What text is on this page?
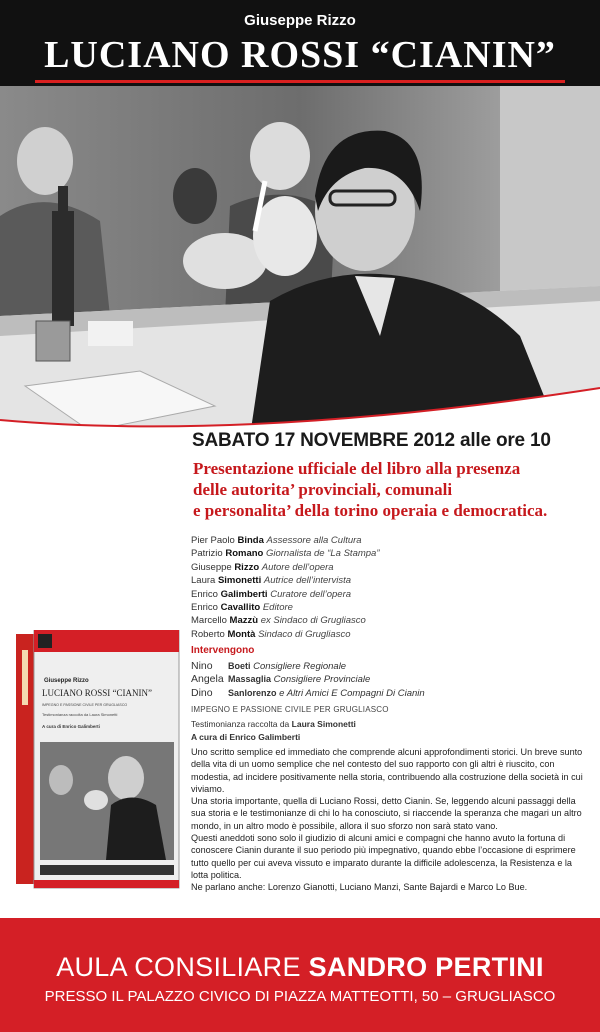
Giuseppe Rizzo
LUCIANO ROSSI “CIANIN”
SABATO 17 NOVEMBRE 2012 alle ore 10
Presentazione ufficiale del libro alla presenza
delle autorita’ provinciali, comunali
e personalita’ della torino operaia e democratica.
Pier Paolo Binda Assessore alla Cultura
Patrizio Romano Giornalista de “La Stampa”
Giuseppe Rizzo Autore dell’opera
Laura Simonetti Autrice dell’intervista
Enrico Galimberti Curatore dell’opera
Enrico Cavallito Editore
Marcello Mazzù ex Sindaco di Grugliasco
Roberto Montà Sindaco di Grugliasco
Intervengono
Nino Boeti Consigliere Regionale
Angela Massaglia Consigliere Provinciale
Dino Sanlorenzo e Altri Amici E Compagni Di Cianin
IMPEGNO E PASSIONE CIVILE PER GRUGLIASCO
Testimonianza raccolta da Laura Simonetti
A cura di Enrico Galimberti

Uno scritto semplice ed immediato che comprende alcuni approfondimenti storici. Un breve sunto della vita di un uomo semplice che nel contesto del suo rapporto con gli altri è riuscito, con modestia, ad incidere positivamente nella storia, contribuendo alla costruzione della società in cui viviamo.

Una storia importante, quella di Luciano Rossi, detto Cianin. Se, leggendo alcuni passaggi della sua storia e le testimonianze di chi lo ha conosciuto, si riaccende la speranza che magari un altro mondo, in un altro modo è possibile, allora il suo sforzo non sarà stato vano.

Questi aneddoti sono solo il giudizio di alcuni amici e compagni che hanno avuto la fortuna di conoscere Cianin durante il suo periodo più impegnativo, quando ebbe l’occasione di esprimere tutto quello per cui aveva vissuto e imparato durante la difficile adolescenza, la Resistenza e la lotta politica.

Ne parlano anche: Lorenzo Gianotti, Luciano Manzi, Sante Bajardi e Marco Lo Bue.

Giuseppe Rizzo
LUCIANO ROSSI “CIANIN”
IMPEGNO E PASSIONE CIVILE PER GRUGLIASCO
Testimonianza raccolta da Laura Simonetti
A cura di Enrico Galimberti
AULA CONSILIARE SANDRO PERTINI
PRESSO IL PALAZZO CIVICO DI PIAZZA MATTEOTTI, 50 – GRUGLIASCO
